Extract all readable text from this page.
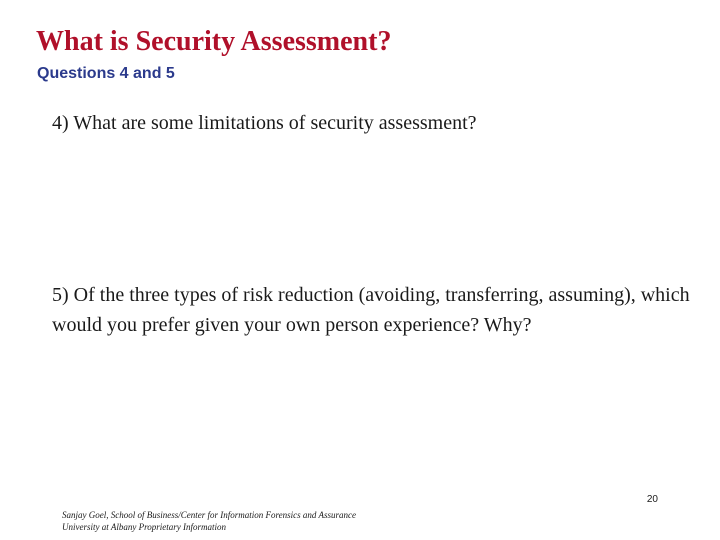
What is Security Assessment?
Questions 4 and 5

4) What are some limitations of security assessment?

5) Of the three types of risk reduction (avoiding, transferring, assuming), which would you prefer given your own person experience? Why?

20
Sanjay Goel, School of Business/Center for Information Forensics and Assurance
University at Albany Proprietary Information
